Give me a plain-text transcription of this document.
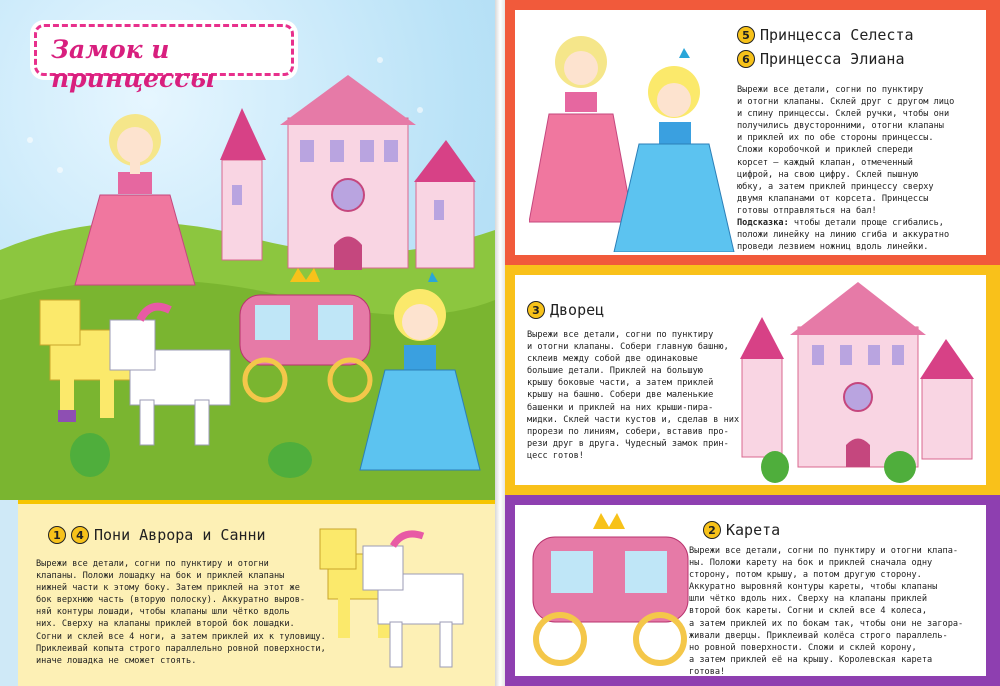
Замок и принцессы
1	4 Пони Аврора и Санни
Вырежи все детали, согни по пунктиру и отогни
клапаны. Положи лошадку на бок и приклей клапаны
нижней части к этому боку. Затем приклей на этот же
бок верхнюю часть (вторую полоску). Аккуратно выров-
няй контуры лошади, чтобы клапаны шли чётко вдоль
них. Сверху на клапаны приклей второй бок лошадки.
Согни и склей все 4 ноги, а затем приклей их к туловищу.
Приклеивай копыта строго параллельно ровной поверхности,
иначе лошадка не сможет стоять.
5 Принцесса Селеста
6 Принцесса Элиана
Вырежи все детали, согни по пунктиру
и отогни клапаны. Склей друг с другом лицо
и спину принцессы. Склей ручки, чтобы они
получились двусторонними, отогни клапаны
и приклей их по обе стороны принцессы.
Сложи коробочкой и приклей спереди
корсет — каждый клапан, отмеченный
цифрой, на свою цифру. Склей пышную
юбку, а затем приклей принцессу сверху
двумя клапанами от корсета. Принцессы
готовы отправляться на бал!
Подсказка: чтобы детали проще сгибались,
положи линейку на линию сгиба и аккуратно
проведи лезвием ножниц вдоль линейки.
3 Дворец
Вырежи все детали, согни по пунктиру
и отогни клапаны. Собери главную башню,
склеив между собой две одинаковые
большие детали. Приклей на большую
крышу боковые части, а затем приклей
крышу на башню. Собери две маленькие
башенки и приклей на них крыши-пира-
мидки. Склей части кустов и, сделав в них
прорези по линиям, собери, вставив про-
рези друг в друга. Чудесный замок прин-
цесс готов!
2 Карета
Вырежи все детали, согни по пунктиру и отогни клапа-
ны. Положи карету на бок и приклей сначала одну
сторону, потом крышу, а потом другую сторону.
Аккуратно выровняй контуры кареты, чтобы клапаны
шли чётко вдоль них. Сверху на клапаны приклей
второй бок кареты. Согни и склей все 4 колеса,
а затем приклей их по бокам так, чтобы они не загора-
живали дверцы. Приклеивай колёса строго параллель-
но ровной поверхности. Сложи и склей корону,
а затем приклей её на крышу. Королевская карета
готова!
